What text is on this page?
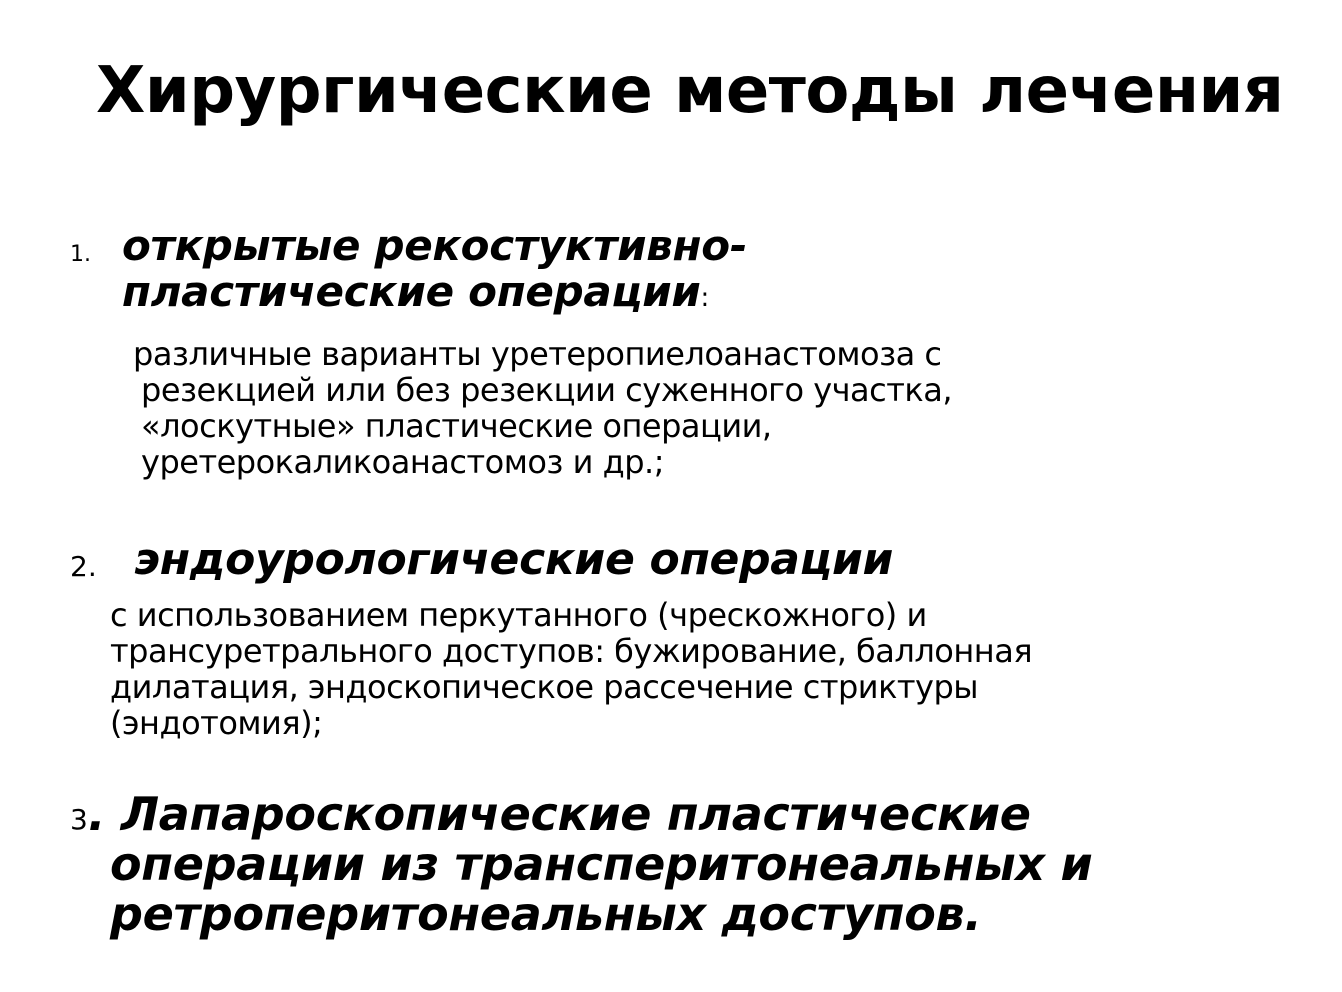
Хирургические методы лечения
1. открытые рекостуктивно-
пластические операции:
различные варианты уретеропиелоанастомоза с
резекцией или без резекции суженного участка,
«лоскутные» пластические операции,
уретерокаликоанастомоз и др.;
2. эндоурологические операции
с использованием перкутанного (чрескожного) и
трансуретрального доступов: бужирование, баллонная
дилатация, эндоскопическое рассечение стриктуры
(эндотомия);
3 . Лапароскопические пластические
операции из трансперитонеальных и
ретроперитонеальных доступов.
